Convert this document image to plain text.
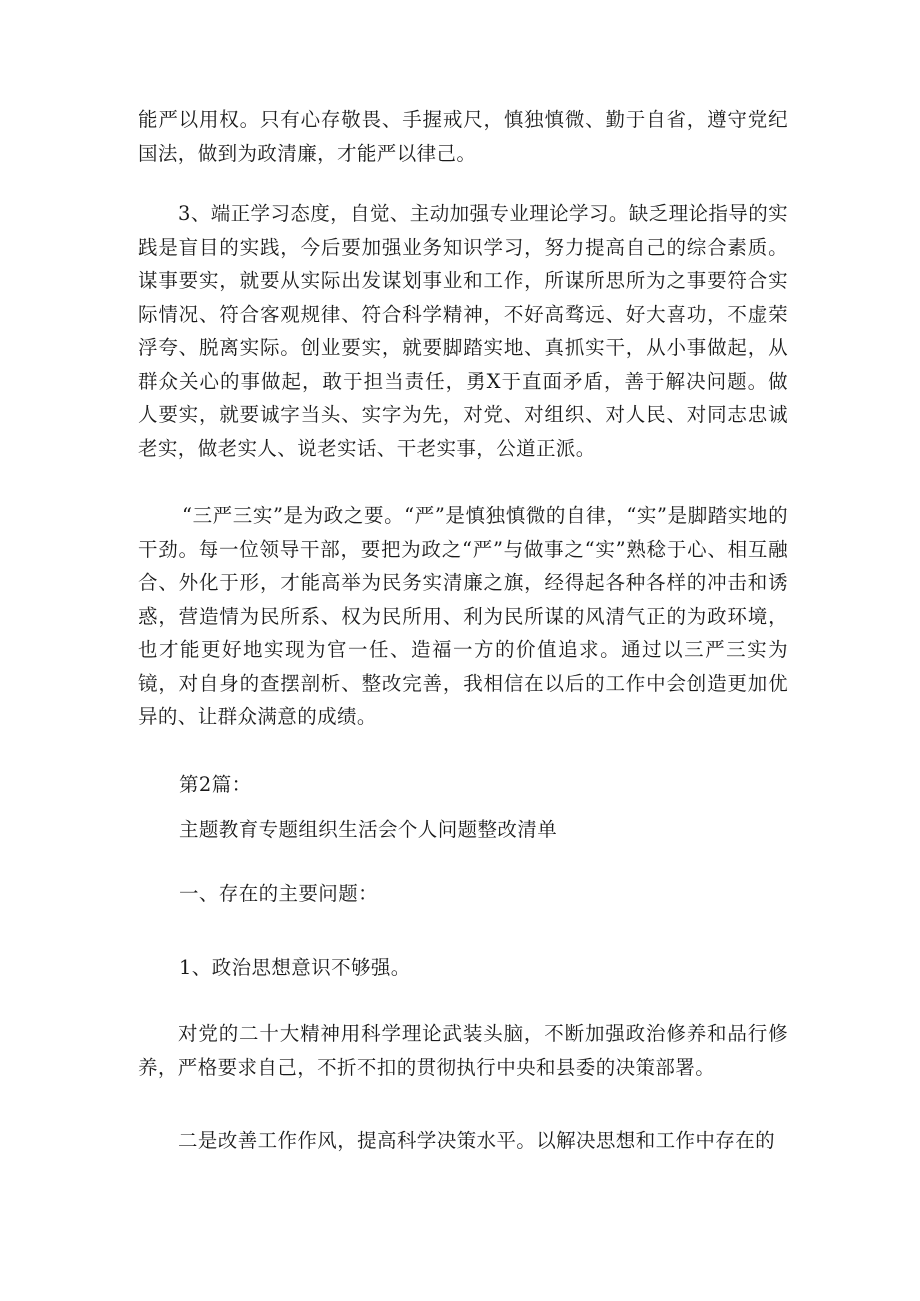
能严以用权。只有心存敬畏、手握戒尺，慎独慎微、勤于自省，遵守党纪国法，做到为政清廉，才能严以律己。

3、端正学习态度，自觉、主动加强专业理论学习。缺乏理论指导的实践是盲目的实践，今后要加强业务知识学习，努力提高自己的综合素质。谋事要实，就要从实际出发谋划事业和工作，所谋所思所为之事要符合实际情况、符合客观规律、符合科学精神，不好高骛远、好大喜功，不虚荣浮夸、脱离实际。创业要实，就要脚踏实地、真抓实干，从小事做起，从群众关心的事做起，敢于担当责任，勇X于直面矛盾，善于解决问题。做人要实，就要诚字当头、实字为先，对党、对组织、对人民、对同志忠诚老实，做老实人、说老实话、干老实事，公道正派。

“三严三实”是为政之要。“严”是慎独慎微的自律，“实”是脚踏实地的干劲。每一位领导干部，要把为政之“严”与做事之“实”熟稔于心、相互融合、外化于形，才能高举为民务实清廉之旗，经得起各种各样的冲击和诱惑，营造情为民所系、权为民所用、利为民所谋的风清气正的为政环境，也才能更好地实现为官一任、造福一方的价值追求。通过以三严三实为镜，对自身的查摆剖析、整改完善，我相信在以后的工作中会创造更加优异的、让群众满意的成绩。

第2篇：

主题教育专题组织生活会个人问题整改清单

一、存在的主要问题：

1、政治思想意识不够强。

对党的二十大精神用科学理论武装头脑，不断加强政治修养和品行修养，严格要求自己，不折不扣的贯彻执行中央和县委的决策部署。

二是改善工作作风，提高科学决策水平。以解决思想和工作中存在的
